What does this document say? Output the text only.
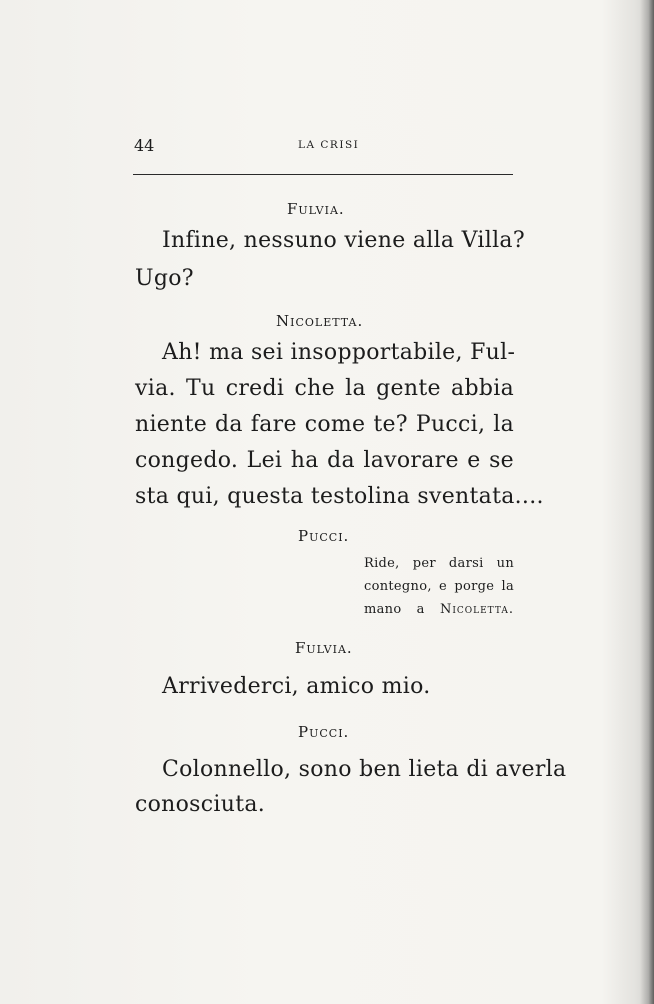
44	LA CRISI
Fulvia.
Infine, nessuno viene alla Villa?
Ugo?
Nicoletta.
Ah! ma sei insopportabile, Ful-
via. Tu credi che la gente abbia
niente da fare come te? Pucci, la
congedo. Lei ha da lavorare e se
sta qui, questa testolina sventata....
Pucci.
Ride, per darsi un
contegno, e porge la
mano a Nicoletta.
Fulvia.
Arrivederci, amico mio.
Pucci.
Colonnello, sono ben lieta di averla
conosciuta.
